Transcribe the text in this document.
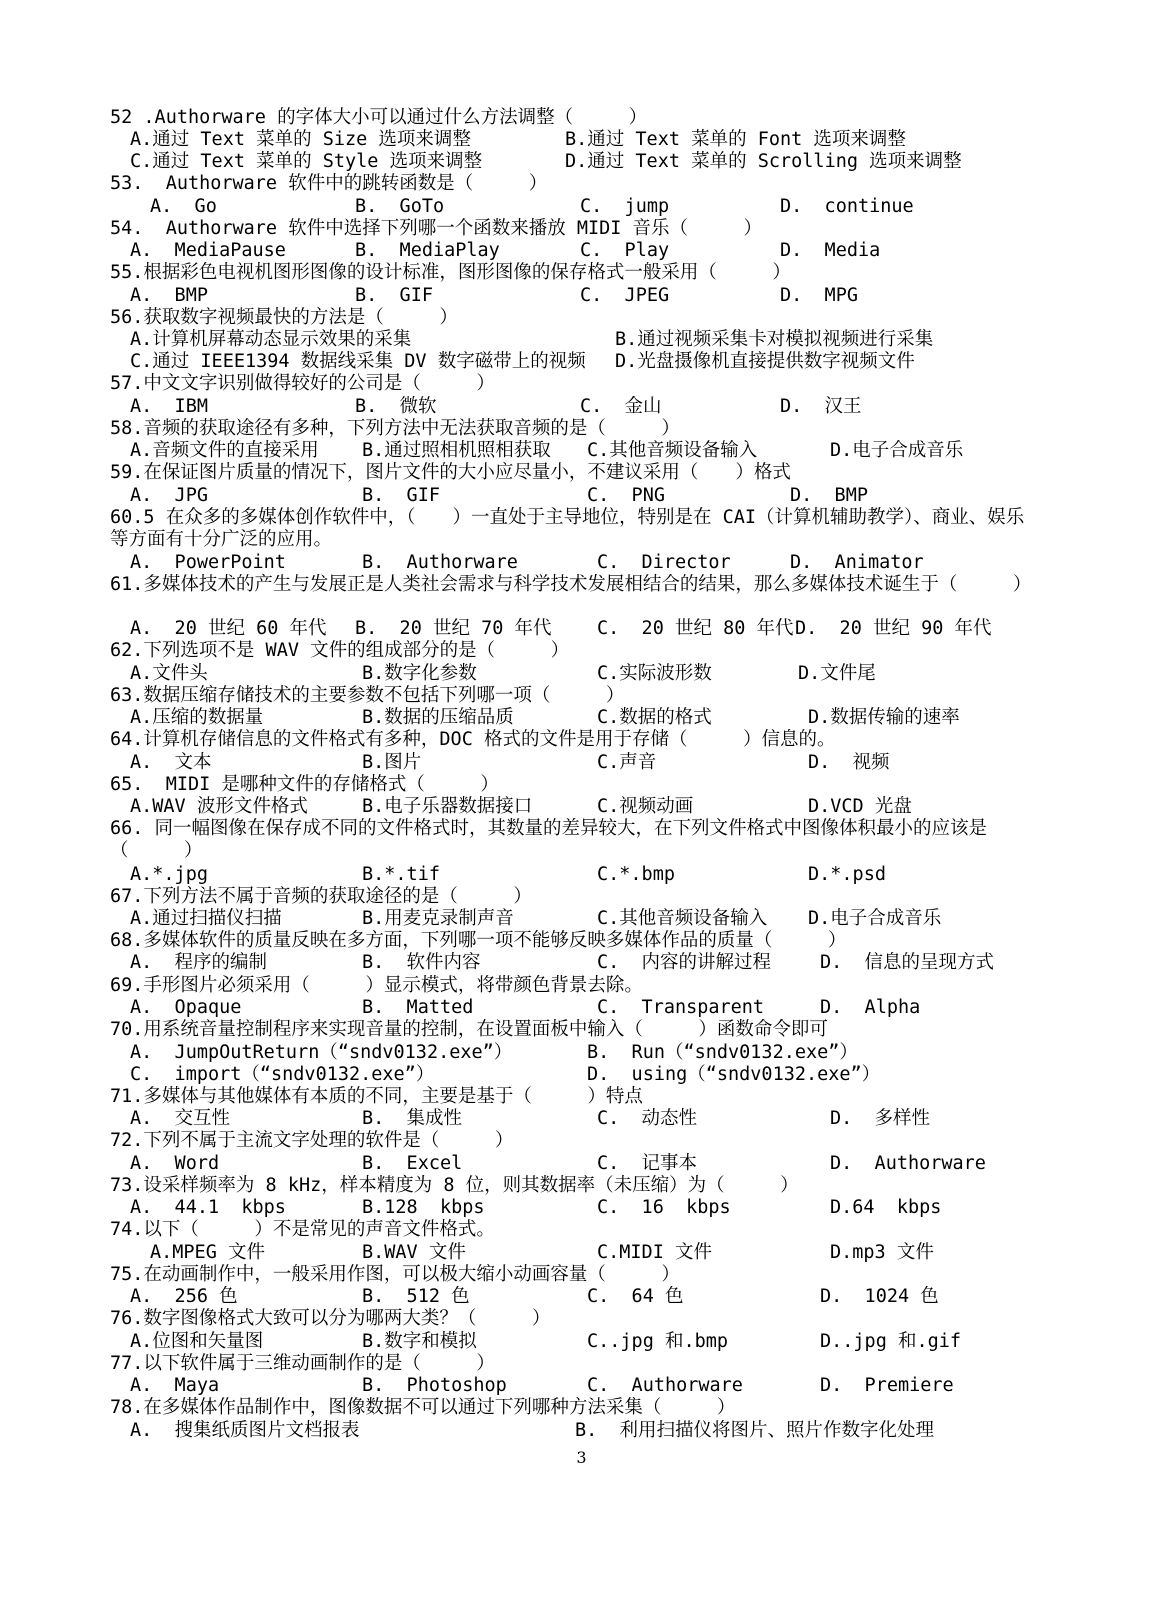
52 .Authorware 的字体大小可以通过什么方法调整（　　　）
A.通过 Text 菜单的 Size 选项来调整	B.通过 Text 菜单的 Font 选项来调整
C.通过 Text 菜单的 Style 选项来调整	D.通过 Text 菜单的 Scrolling 选项来调整
53.  Authorware 软件中的跳转函数是（　　　）
A.  Go	B.  GoTo	C.  jump	D.  continue
54.  Authorware 软件中选择下列哪一个函数来播放 MIDI 音乐（　　　）
A.  MediaPause	B.  MediaPlay	C.  Play	D.  Media
55.根据彩色电视机图形图像的设计标准，图形图像的保存格式一般采用（　　　）
A.  BMP	B.  GIF	C.  JPEG	D.  MPG
56.获取数字视频最快的方法是（　　　）
A.计算机屏幕动态显示效果的采集	B.通过视频采集卡对模拟视频进行采集
C.通过 IEEE1394 数据线采集 DV 数字磁带上的视频 D.光盘摄像机直接提供数字视频文件
57.中文文字识别做得较好的公司是（　　　）
A.  IBM	B.  微软	C.  金山	D.  汉王
58.音频的获取途径有多种，下列方法中无法获取音频的是（　　　）
A.音频文件的直接采用 B.通过照相机照相获取 C.其他音频设备输入	D.电子合成音乐
59.在保证图片质量的情况下，图片文件的大小应尽量小，不建议采用（　　）格式
A.  JPG	B.  GIF	C.  PNG	D.  BMP
60.5 在众多的多媒体创作软件中，（　　）一直处于主导地位，特别是在 CAI（计算机辅助教学）、商业、娱乐等方面有十分广泛的应用。
A.  PowerPoint	B.  Authorware	C.  Director	D.  Animator
61.多媒体技术的产生与发展正是人类社会需求与科学技术发展相结合的结果，那么多媒体技术诞生于（　　　）
A.  20 世纪 60 年代 B.  20 世纪 70 年代 C.  20 世纪 80 年代 D.  20 世纪 90 年代
62.下列选项不是 WAV 文件的组成部分的是（　　　）
A.文件头	B.数字化参数	C.实际波形数	D.文件尾
63.数据压缩存储技术的主要参数不包括下列哪一项（　　　）
A.压缩的数据量	B.数据的压缩品质	C.数据的格式	D.数据传输的速率
64.计算机存储信息的文件格式有多种，DOC 格式的文件是用于存储（　　　）信息的。
A.  文本	B.图片	C.声音	D.  视频
65.  MIDI 是哪种文件的存储格式（　　　）
A.WAV 波形文件格式	B.电子乐器数据接口	C.视频动画	D.VCD 光盘
66. 同一幅图像在保存成不同的文件格式时，其数量的差异较大，在下列文件格式中图像体积最小的应该是（　　　）
A.*.jpg	B.*.tif	C.*.bmp	D.*.psd
67.下列方法不属于音频的获取途径的是（　　　）
A.通过扫描仪扫描	B.用麦克录制声音	C.其他音频设备输入 D.电子合成音乐
68.多媒体软件的质量反映在多方面，下列哪一项不能够反映多媒体作品的质量（　　　）
A.  程序的编制	B.  软件内容	C.  内容的讲解过程	D.  信息的呈现方式
69.手形图片必须采用（　　　）显示模式，将带颜色背景去除。
A.  Opaque	B.  Matted	C.  Transparent	D.  Alpha
70.用系统音量控制程序来实现音量的控制，在设置面板中输入（　　　）函数命令即可
A.  JumpOutReturn（“sndv0132.exe”）	B.  Run（“sndv0132.exe”）
C.  import（“sndv0132.exe”）	D.  using（“sndv0132.exe”）
71.多媒体与其他媒体有本质的不同，主要是基于（　　　）特点
A.  交互性	B.  集成性	C.  动态性	D.  多样性
72.下列不属于主流文字处理的软件是（　　　）
A.  Word	B.  Excel	C.  记事本	D.  Authorware
73.设采样频率为 8 kHz，样本精度为 8 位，则其数据率（未压缩）为（　　　）
A.  44.1  kbps	B.128  kbps	C.  16  kbps	D.64  kbps
74.以下（　　　）不是常见的声音文件格式。
A.MPEG 文件	B.WAV 文件	C.MIDI 文件	D.mp3 文件
75.在动画制作中，一般采用作图，可以极大缩小动画容量（　　　）
A.  256 色	B.  512 色	C.  64 色	D.  1024 色
76.数字图像格式大致可以分为哪两大类？（　　　）
A.位图和矢量图	B.数字和模拟	C..jpg 和.bmp	D..jpg 和.gif
77.以下软件属于三维动画制作的是（　　　）
A.  Maya	B.  Photoshop	C.  Authorware	D.  Premiere
78.在多媒体作品制作中，图像数据不可以通过下列哪种方法采集（　　　）
A.  搜集纸质图片文档报表	B.  利用扫描仪将图片、照片作数字化处理
3
